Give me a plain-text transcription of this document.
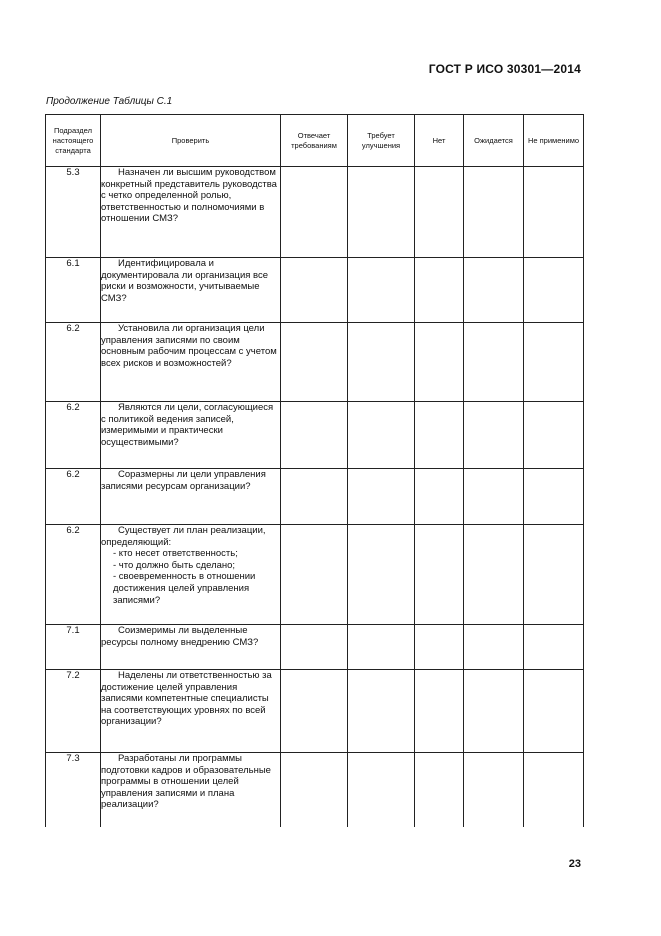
ГОСТ Р ИСО 30301—2014
Продолжение Таблицы С.1
Подраздел настоящего стандарта	Проверить	Отвечает требованиям	Требует улучшения	Нет	Ожидается	Не применимо
5.3	Назначен ли высшим руководством конкретный представитель руководства с четко определенной ролью, ответственностью и полномочиями в отношении СМЗ?					

6.1	Идентифицировала и документировала ли организация все риски и возможности, учитываемые СМЗ?					

6.2	Установила ли организация цели управления записями по своим основным рабочим процессам с учетом всех рисков и возможностей?					

6.2	Являются ли цели, согласующиеся с политикой ведения записей, измеримыми и практически осуществимыми?					

6.2	Соразмерны ли цели управления записями ресурсам организации?					

6.2	Существует ли план реализации, определяющий:
- кто несет ответственность;
- что должно быть сделано;
- своевременность в отношении достижения целей управления записями?					

7.1	Соизмеримы ли выделенные ресурсы полному внедрению СМЗ?					

7.2	Наделены ли ответственностью за достижение целей управления записями компетентные специалисты на соответствующих уровнях по всей организации?					

7.3	Разработаны ли программы подготовки кадров и образовательные программы в отношении целей управления записями и плана реализации?					

23
